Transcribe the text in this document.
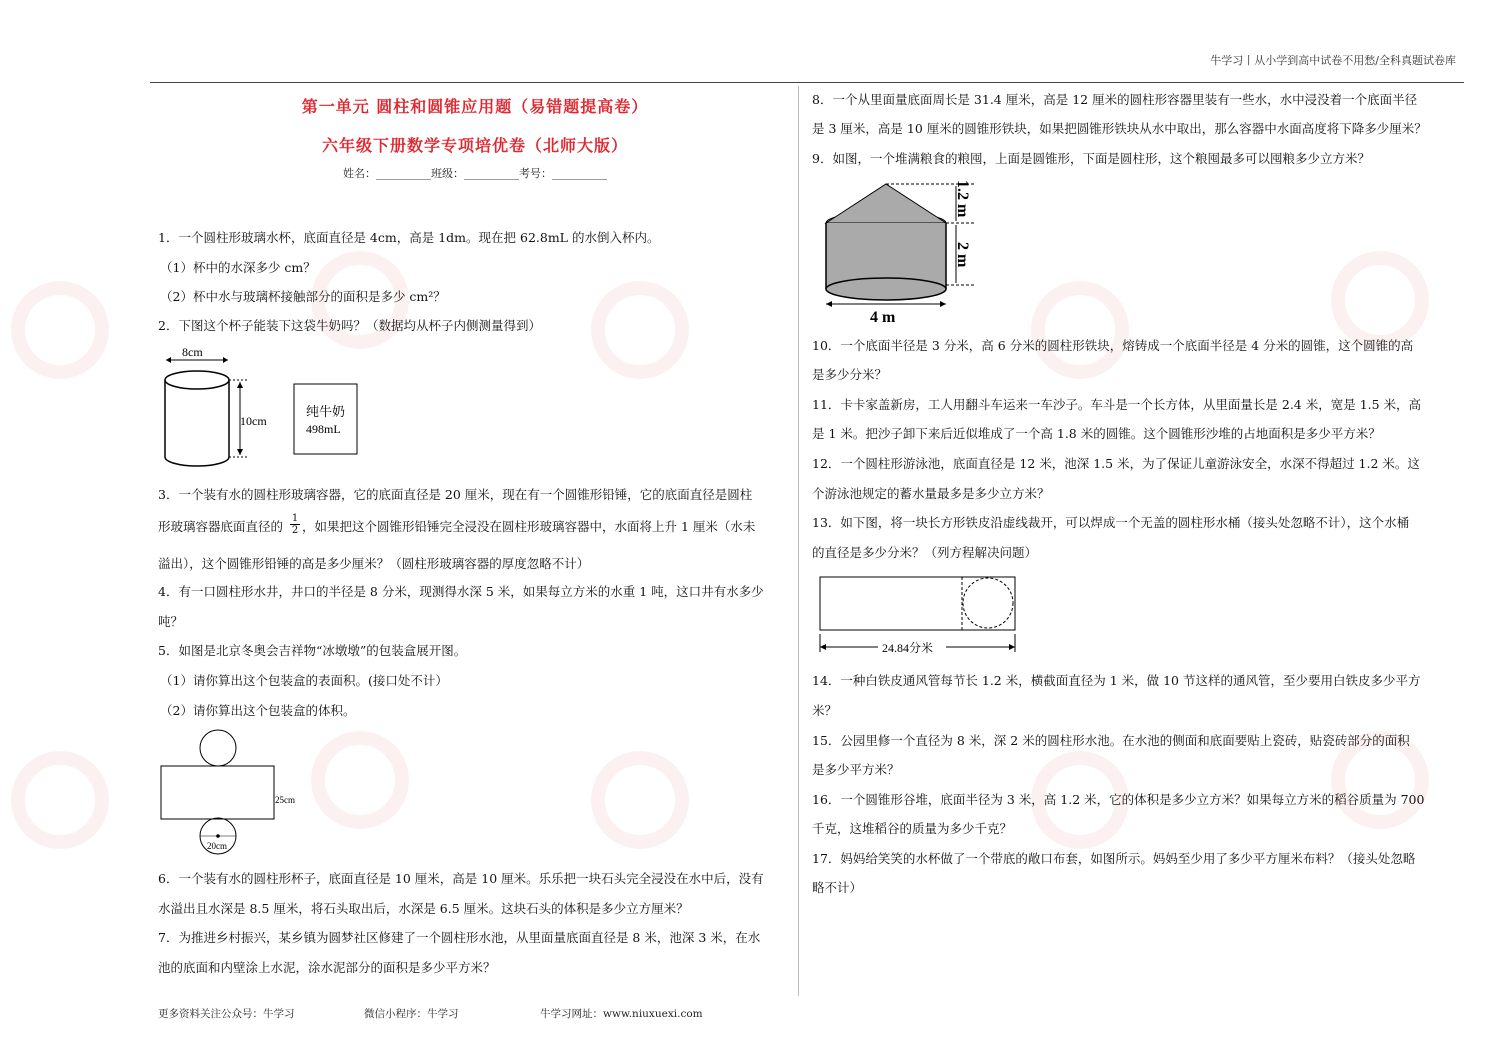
牛学习丨从小学到高中试卷不用愁/全科真题试卷库
第一单元 圆柱和圆锥应用题（易错题提高卷）
六年级下册数学专项培优卷（北师大版）
姓名：__________班级：__________考号：__________
1．一个圆柱形玻璃水杯，底面直径是 4cm，高是 1dm。现在把 62.8mL 的水倒入杯内。
（1）杯中的水深多少 cm？
（2）杯中水与玻璃杯接触部分的面积是多少 cm²？
2．下图这个杯子能装下这袋牛奶吗？（数据均从杯子内侧测量得到）
8cm
10cm
纯牛奶
498mL
3．一个装有水的圆柱形玻璃容器，它的底面直径是 20 厘米，现在有一个圆锥形铅锤，它的底面直径是圆柱
形玻璃容器底面直径的 $\frac{1}{2}$ ，如果把这个圆锥形铅锤完全浸没在圆柱形玻璃容器中，水面将上升 1 厘米（水未
溢出），这个圆锥形铅锤的高是多少厘米？（圆柱形玻璃容器的厚度忽略不计）
4．有一口圆柱形水井，井口的半径是 8 分米，现测得水深 5 米，如果每立方米的水重 1 吨，这口井有水多少
吨？
5．如图是北京冬奥会吉祥物“冰墩墩”的包装盒展开图。
（1）请你算出这个包装盒的表面积。(接口处不计）
（2）请你算出这个包装盒的体积。
25cm
20cm
6．一个装有水的圆柱形杯子，底面直径是 10 厘米，高是 10 厘米。乐乐把一块石头完全浸没在水中后，没有
水溢出且水深是 8.5 厘米，将石头取出后，水深是 6.5 厘米。这块石头的体积是多少立方厘米？
7．为推进乡村振兴，某乡镇为圆梦社区修建了一个圆柱形水池，从里面量底面直径是 8 米，池深 3 米，在水
池的底面和内壁涂上水泥，涂水泥部分的面积是多少平方米？
8．一个从里面量底面周长是 31.4 厘米，高是 12 厘米的圆柱形容器里装有一些水，水中浸没着一个底面半径
是 3 厘米，高是 10 厘米的圆锥形铁块，如果把圆锥形铁块从水中取出，那么容器中水面高度将下降多少厘米？
9．如图，一个堆满粮食的粮囤，上面是圆锥形，下面是圆柱形，这个粮囤最多可以囤粮多少立方米？
1.2 m
2 m
4 m
10．一个底面半径是 3 分米，高 6 分米的圆柱形铁块，熔铸成一个底面半径是 4 分米的圆锥，这个圆锥的高
是多少分米？
11．卡卡家盖新房，工人用翻斗车运来一车沙子。车斗是一个长方体，从里面量长是 2.4 米，宽是 1.5 米，高
是 1 米。把沙子卸下来后近似堆成了一个高 1.8 米的圆锥。这个圆锥形沙堆的占地面积是多少平方米？
12．一个圆柱形游泳池，底面直径是 12 米，池深 1.5 米，为了保证儿童游泳安全，水深不得超过 1.2 米。这
个游泳池规定的蓄水量最多是多少立方米？
13．如下图，将一块长方形铁皮沿虚线裁开，可以焊成一个无盖的圆柱形水桶（接头处忽略不计），这个水桶
的直径是多少分米？（列方程解决问题）
24.84分米
14．一种白铁皮通风管每节长 1.2 米，横截面直径为 1 米，做 10 节这样的通风管，至少要用白铁皮多少平方
米？
15．公园里修一个直径为 8 米，深 2 米的圆柱形水池。在水池的侧面和底面要贴上瓷砖，贴瓷砖部分的面积
是多少平方米？
16．一个圆锥形谷堆，底面半径为 3 米，高 1.2 米，它的体积是多少立方米？如果每立方米的稻谷质量为 700
千克，这堆稻谷的质量为多少千克？
17．妈妈给笑笑的水杯做了一个带底的敞口布套，如图所示。妈妈至少用了多少平方厘米布料？（接头处忽略
略不计）
更多资料关注公众号：牛学习	微信小程序：牛学习	牛学习网址：www.niuxuexi.com
